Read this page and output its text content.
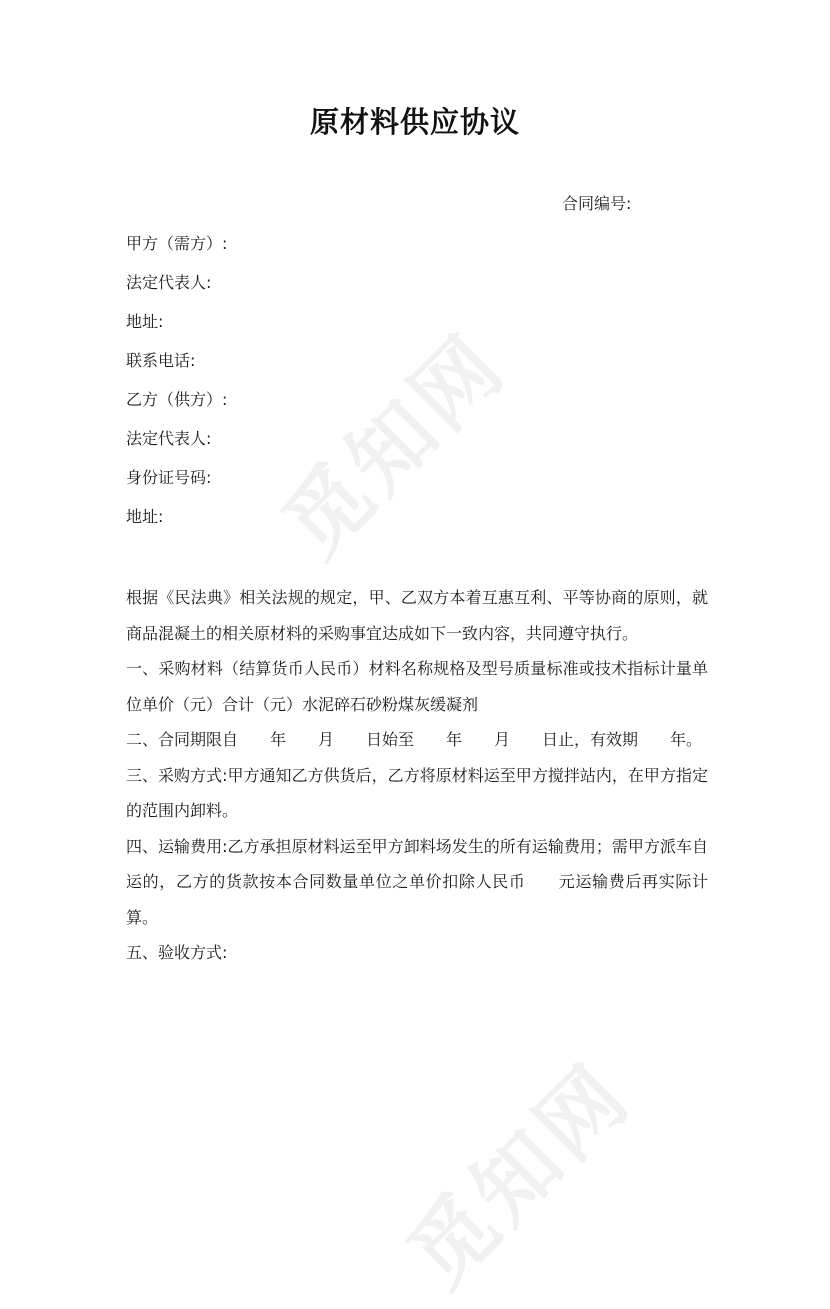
觅知网
觅知网
原材料供应协议
合同编号:
甲方（需方）:
法定代表人:
地址:
联系电话:
乙方（供方）:
法定代表人:
身份证号码:
地址:

根据《民法典》相关法规的规定，甲、乙双方本着互惠互利、平等协商的原则，就商品混凝土的相关原材料的采购事宜达成如下一致内容，共同遵守执行。

一、采购材料（结算货币人民币）材料名称规格及型号质量标准或技术指标计量单位单价（元）合计（元）水泥碎石砂粉煤灰缓凝剂

二、合同期限自　　年　　月　　日始至　　年　　月　　日止，有效期　　年。

三、采购方式:甲方通知乙方供货后，乙方将原材料运至甲方搅拌站内，在甲方指定的范围内卸料。

四、运输费用:乙方承担原材料运至甲方卸料场发生的所有运输费用；需甲方派车自运的，乙方的货款按本合同数量单位之单价扣除人民币　　元运输费后再实际计算。

五、验收方式:
